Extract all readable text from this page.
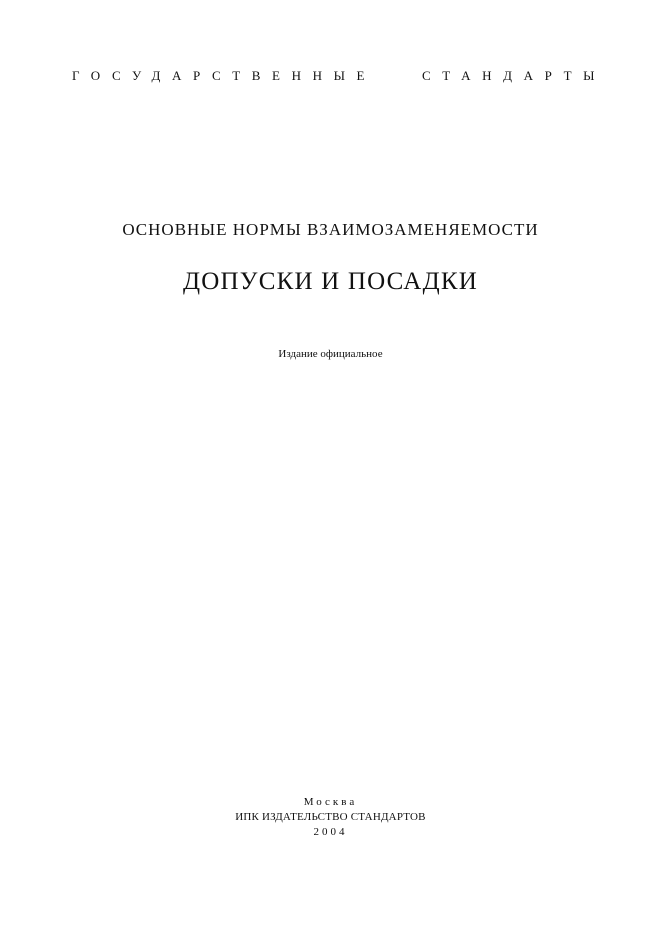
ГОСУДАРСТВЕННЫЕ	СТАНДАРТЫ
ОСНОВНЫЕ НОРМЫ ВЗАИМОЗАМЕНЯЕМОСТИ
ДОПУСКИ И ПОСАДКИ
Издание официальное
Москва
ИПК ИЗДАТЕЛЬСТВО СТАНДАРТОВ
2004
